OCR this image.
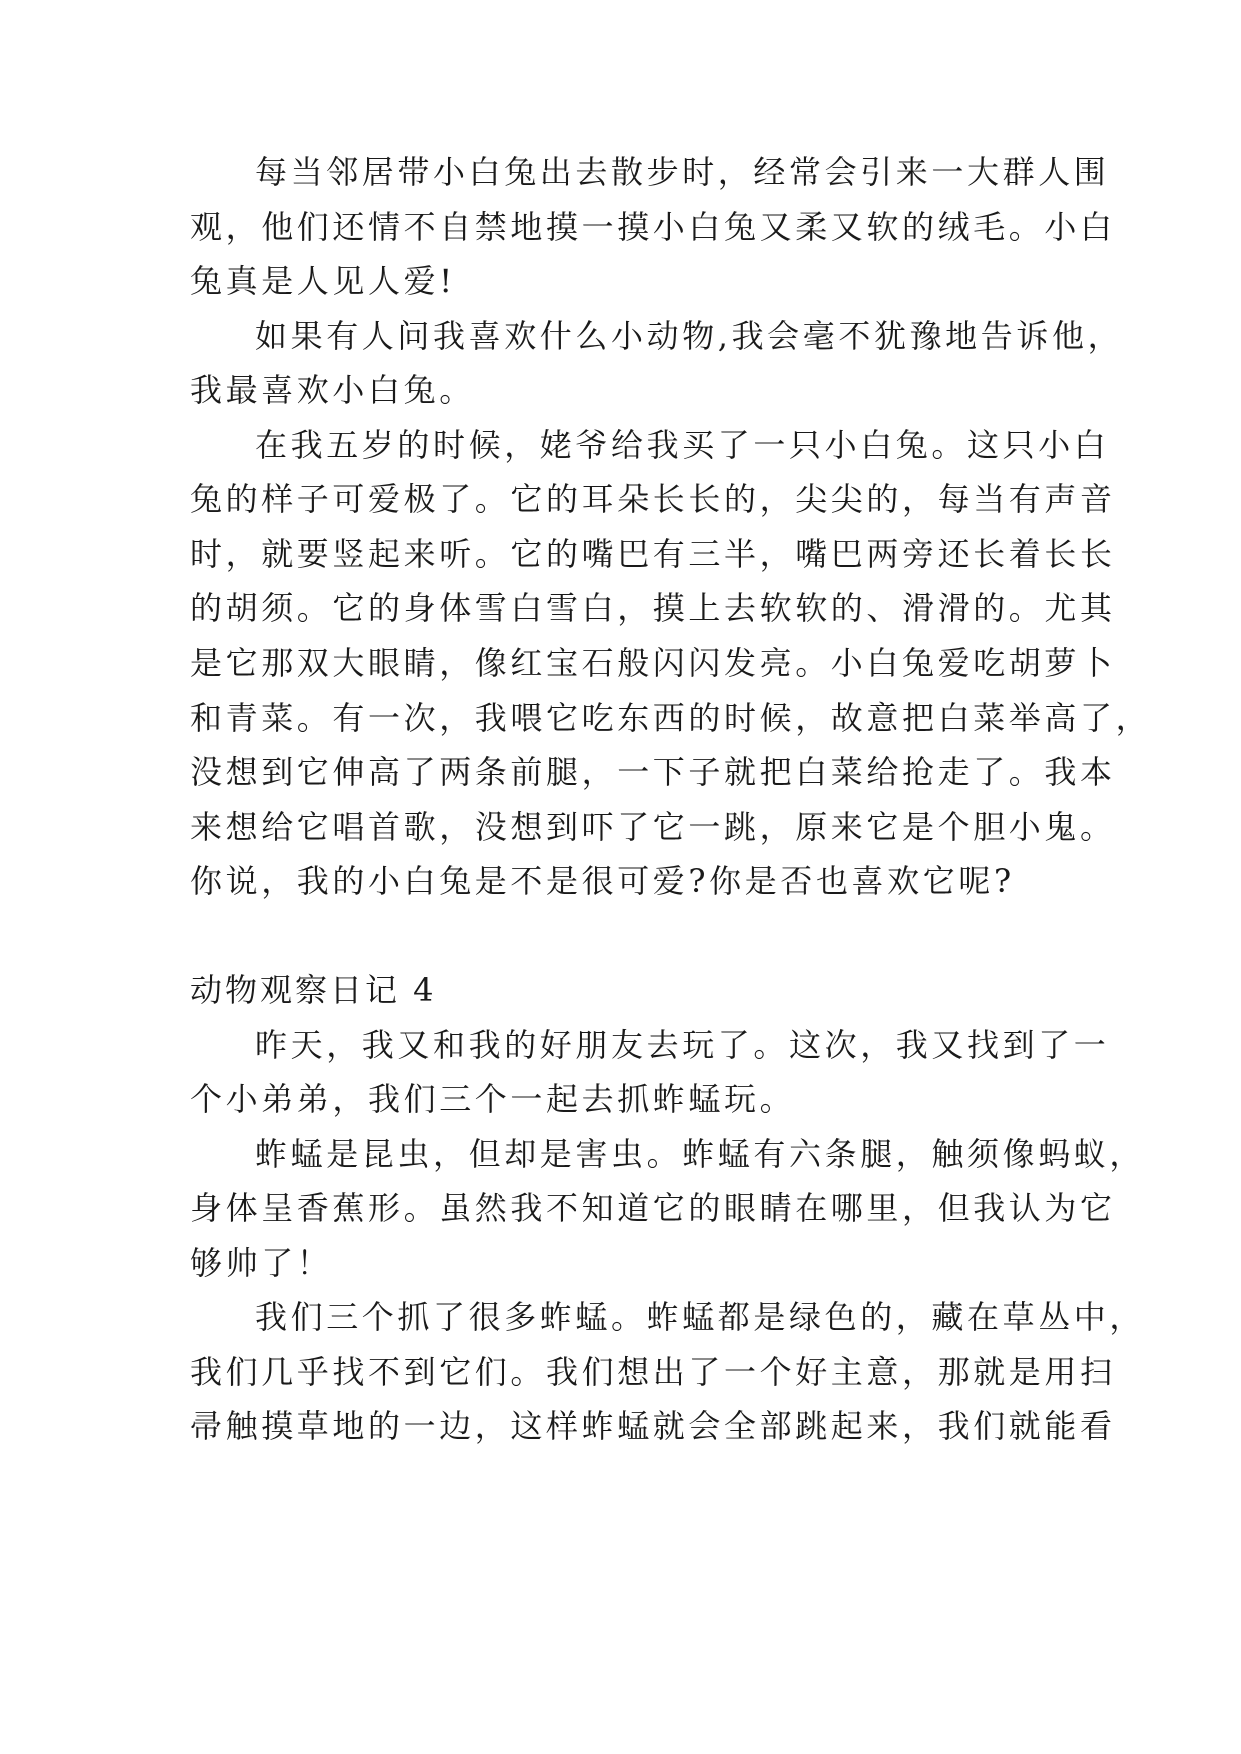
每当邻居带小白兔出去散步时，经常会引来一大群人围
观，他们还情不自禁地摸一摸小白兔又柔又软的绒毛。小白
兔真是人见人爱!
如果有人问我喜欢什么小动物,我会毫不犹豫地告诉他，
我最喜欢小白兔。
在我五岁的时候，姥爷给我买了一只小白兔。这只小白
兔的样子可爱极了。它的耳朵长长的，尖尖的，每当有声音
时，就要竖起来听。它的嘴巴有三半，嘴巴两旁还长着长长
的胡须。它的身体雪白雪白，摸上去软软的、滑滑的。尤其
是它那双大眼睛，像红宝石般闪闪发亮。小白兔爱吃胡萝卜
和青菜。有一次，我喂它吃东西的时候，故意把白菜举高了，
没想到它伸高了两条前腿，一下子就把白菜给抢走了。我本
来想给它唱首歌，没想到吓了它一跳，原来它是个胆小鬼。
你说，我的小白兔是不是很可爱?你是否也喜欢它呢?
动物观察日记 4
昨天，我又和我的好朋友去玩了。这次，我又找到了一
个小弟弟，我们三个一起去抓蚱蜢玩。
蚱蜢是昆虫，但却是害虫。蚱蜢有六条腿，触须像蚂蚁，
身体呈香蕉形。虽然我不知道它的眼睛在哪里，但我认为它
够帅了！
我们三个抓了很多蚱蜢。蚱蜢都是绿色的，藏在草丛中，
我们几乎找不到它们。我们想出了一个好主意，那就是用扫
帚触摸草地的一边，这样蚱蜢就会全部跳起来，我们就能看
